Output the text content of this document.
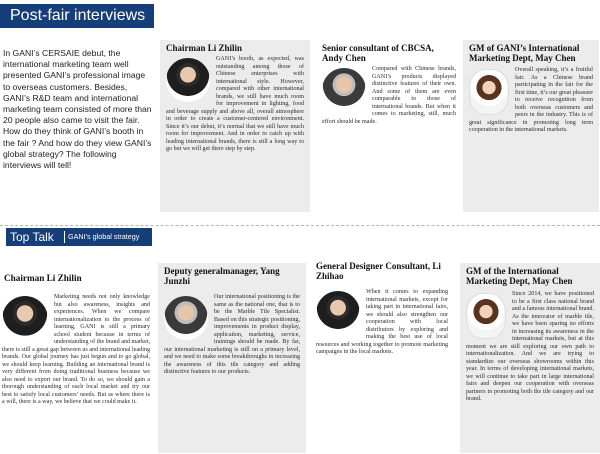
Post-fair interviews
In GANI’s CERSAIE debut, the international marketing team well presented GANI’s professional image to overseas customers. Besides, GANI’s R&D team and international marketing team consisted of more than 20 people also came to visit the fair. How do they think of GANI’s booth in the fair ? And how do they view GANI’s global strategy? The following interviews will tell!
Chairman Li Zhilin
GANI’s booth, as expected, was outstanding among those of Chinese enterprises with international style. However, compared with other international brands, we still have much room for improvement in lighting, food and beverage supply and above all, overall atmosphere in order to create a customer-centered environment. Since it’s our debut, it’s normal that we still have much room for improvement. And in order to catch up with leading international brands, there is still a long way to go but we will get there step by step.
Senior consultant of CBCSA, Andy Chen
Compared with Chinese brands, GANI’s products displayed distinctive features of their own. And some of them are even comparable to those of international brands. But when it comes to marketing, still, much effort should be made.
GM of GANI’s International Marketing Dept, May Chen
Overall speaking, it’s a fruitful fair. As a Chinese brand participating in the fair for the first time, it’s our great pleasure to receive recognition from both overseas customers and peers in the industry. This is of great significance in promoting long term cooperation in the international markets.
Top Talk GANI’s global strategy
Chairman Li Zhilin
Marketing needs not only knowledge but also awareness, insights and experiences. When we compare internationalization to the process of learning, GANI is still a primary school student because in terms of understanding of the brand and market, there is still a great gap between us and international leading brands. Our global journey has just begun and to go global, we should keep learning. Building an international brand is very different from doing traditional business because we also need to export our brand. To do so, we should gain a thorough understanding of each local market and try our best to satisfy local customers’ needs. But as where there is a will, there is a way, we believe that we could make it.
Deputy generalmanager, Yang Junzhi
Our international positioning is the same as the national one, that is to be the Marble Tile Specialist. Based on this strategic positioning, improvements in product display, application, marketing, service, trainings should be made. By far, our international marketing is still on a primary level, and we need to make some breakthroughs in increasing the awareness of this tile category and adding distinctive features to our products.
General Designer Consultant, Li Zhihao
When it comes to expanding international markets, except for taking part in international fairs, we should also strengthen our cooperation with local distributors by exploring and making the best use of local resources and working together to promote marketing campaigns in the local markets.
GM of the International Marketing Dept, May Chen
Since 2014, we have positioned to be a first class national brand and a famous international brand. As the innovator of marble tile, we have been sparing no efforts in increasing its awareness in the international markets, but at this moment we are still exploring our own path to internationalization. And we are trying to standardize our overseas showrooms within this year. In terms of developing international markets, we will continue to take part in large international fairs and deepen our cooperation with overseas partners in promoting both the tile category and our brand.
